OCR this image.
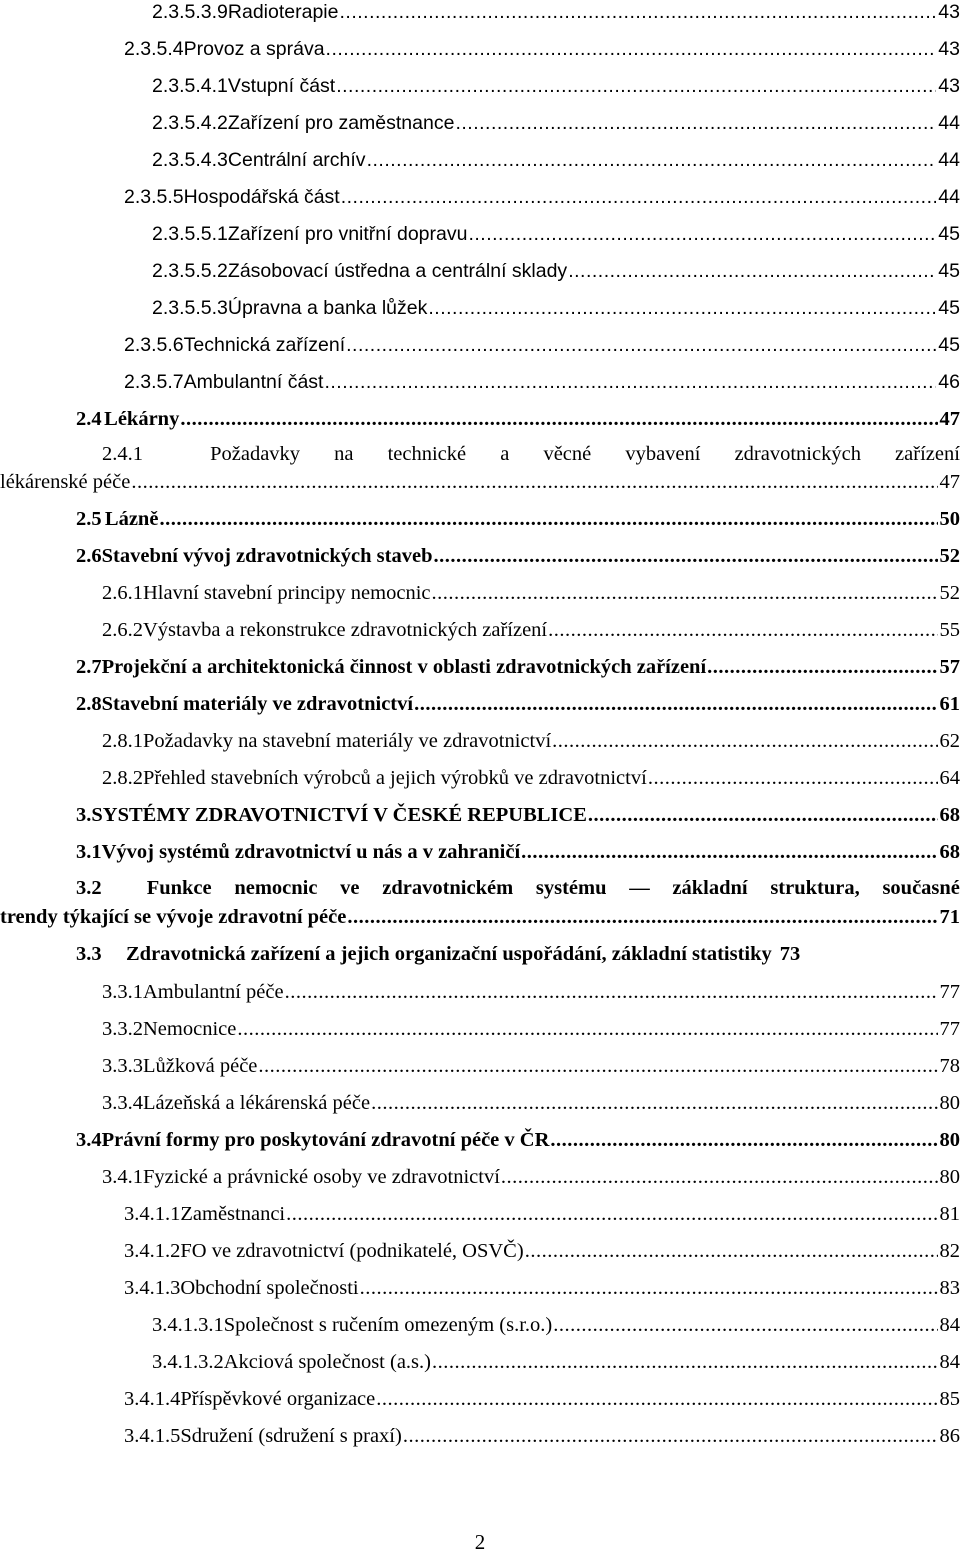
2.3.5.3.9 Radioterapie .....	43
2.3.5.4 Provoz a správa .....	43
2.3.5.4.1 Vstupní část .....	43
2.3.5.4.2 Zařízení pro zaměstnance .....	44
2.3.5.4.3 Centrální archív .....	44
2.3.5.5 Hospodářská část .....	44
2.3.5.5.1 Zařízení pro vnitřní dopravu .....	45
2.3.5.5.2 Zásobovací ústředna a centrální sklady .....	45
2.3.5.5.3 Úpravna a banka lůžek .....	45
2.3.5.6 Technická zařízení .....	45
2.3.5.7 Ambulantní část .....	46
2.4 Lékárny .....	47
2.4.1	Požadavky na technické a věcné vybavení zdravotnických zařízení
lékárenské péče .....	47
2.5 Lázně .....	50
2.6 Stavební vývoj zdravotnických staveb .....	52
2.6.1 Hlavní stavební principy nemocnic .....	52
2.6.2 Výstavba a rekonstrukce zdravotnických zařízení .....	55
2.7 Projekční a architektonická činnost v oblasti zdravotnických zařízení .....	57
2.8 Stavební materiály ve zdravotnictví .....	61
2.8.1 Požadavky na stavební materiály ve zdravotnictví .....	62
2.8.2 Přehled stavebních výrobců a jejich výrobků ve zdravotnictví .....	64
3. SYSTÉMY ZDRAVOTNICTVÍ V ČESKÉ REPUBLICE .....	68
3.1 Vývoj systémů zdravotnictví u nás a v zahraničí .....	68
3.2	Funkce nemocnic ve zdravotnickém systému — základní struktura, současné
trendy týkající se vývoje zdravotní péče .....	71
3.3	Zdravotnická zařízení a jejich organizační uspořádání, základní statistiky 73
3.3.1 Ambulantní péče .....	77
3.3.2 Nemocnice .....	77
3.3.3 Lůžková péče .....	78
3.3.4 Lázeňská a lékárenská péče .....	80
3.4 Právní formy pro poskytování zdravotní péče v ČR .....	80
3.4.1 Fyzické a právnické osoby ve zdravotnictví .....	80
3.4.1.1 Zaměstnanci .....	81
3.4.1.2 FO ve zdravotnictví (podnikatelé, OSVČ) .....	82
3.4.1.3 Obchodní společnosti .....	83
3.4.1.3.1 Společnost s ručením omezeným (s.r.o.) .....	84
3.4.1.3.2 Akciová společnost (a.s.) .....	84
3.4.1.4 Příspěvkové organizace .....	85
3.4.1.5 Sdružení (sdružení s praxí) .....	86
2
